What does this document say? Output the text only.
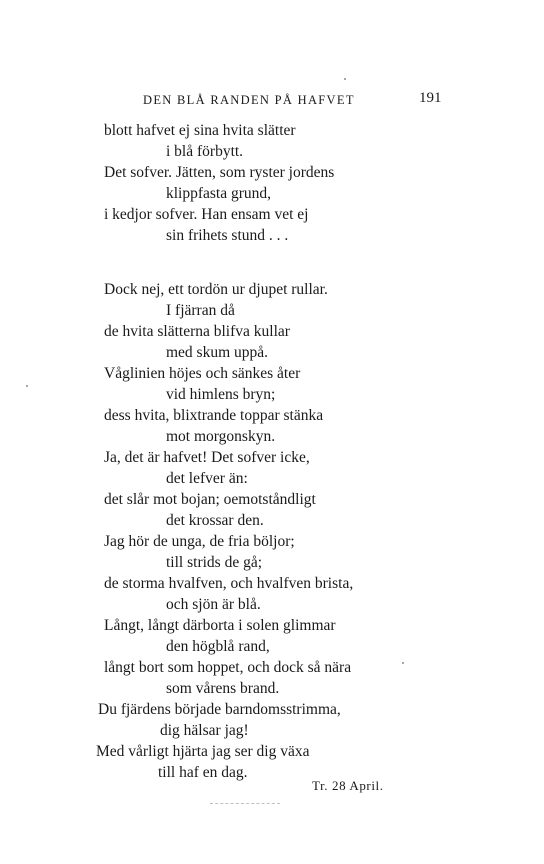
DEN BLÅ RANDEN PÅ HAFVET	191
blott hafvet ej sina hvita slätter
i blå förbytt.
Det sofver. Jätten, som ryster jordens
klippfasta grund,
i kedjor sofver. Han ensam vet ej
sin frihets stund . . .
Dock nej, ett tordön ur djupet rullar.
I fjärran då
de hvita slätterna blifva kullar
med skum uppå.
Våglinien höjes och sänkes åter
vid himlens bryn;
dess hvita, blixtrande toppar stänka
mot morgonskyn.
Ja, det är hafvet! Det sofver icke,
det lefver än:
det slår mot bojan; oemotståndligt
det krossar den.
Jag hör de unga, de fria böljor;
till strids de gå;
de storma hvalfven, och hvalfven brista,
och sjön är blå.
Långt, långt därborta i solen glimmar
den högblå rand,
långt bort som hoppet, och dock så nära
som vårens brand.
Du fjärdens började barndomsstrimma,
dig hälsar jag!
Med vårligt hjärta jag ser dig växa
till haf en dag.
Tr. 28 April.
